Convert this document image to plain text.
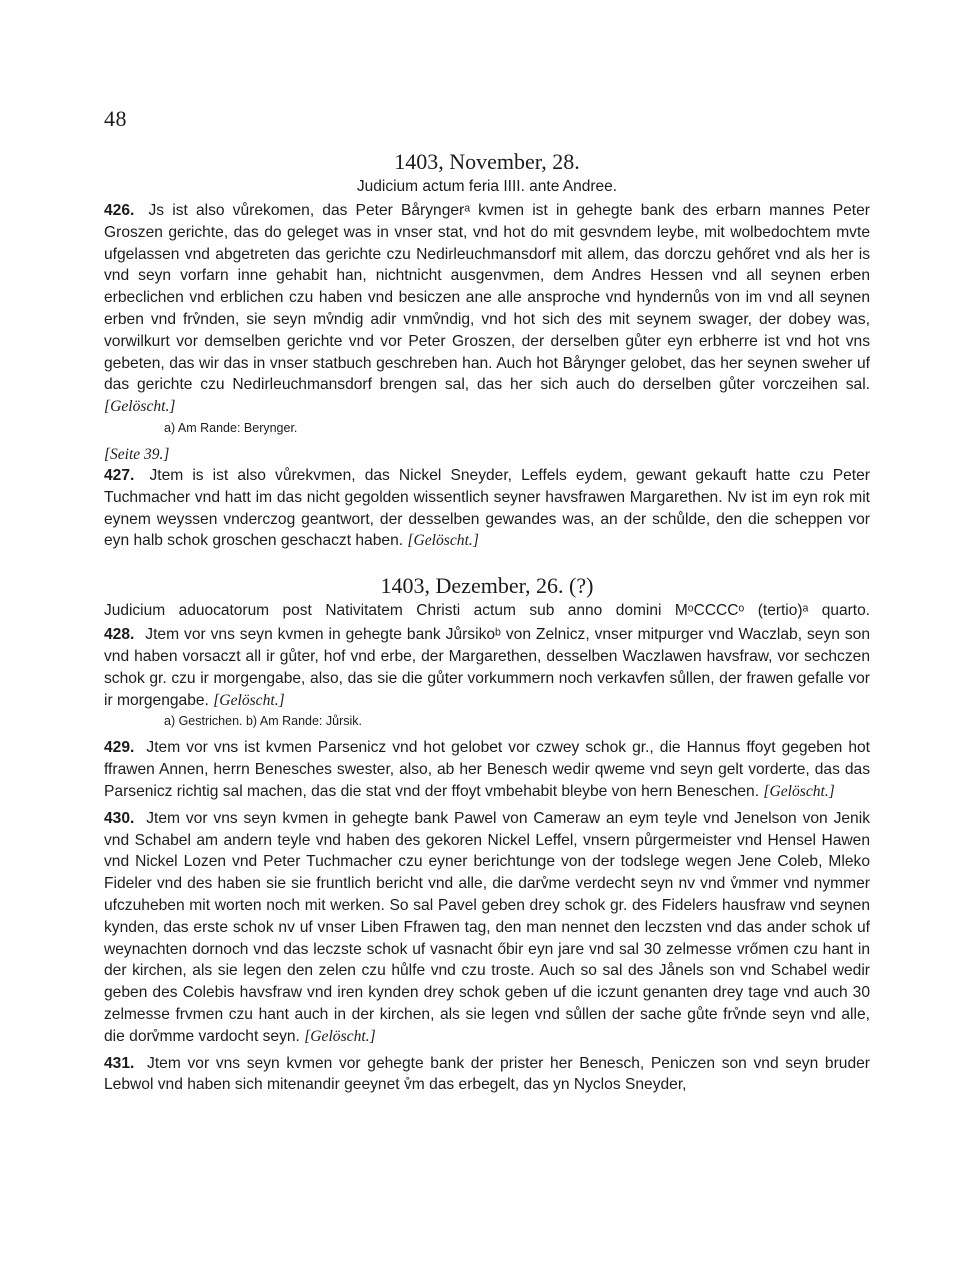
48
1403, November, 28.
Judicium actum feria IIII. ante Andree.

426. Js ist also vůrekomen, das Peter Båryngerᵃ kvmen ist in gehegte bank des erbarn mannes Peter Groszen gerichte, das do geleget was in vnser stat, vnd hot do mit gesvndem leybe, mit wolbedochtem mvte ufgelassen vnd abgetreten das gerichte czu Nedirleuchmansdorf mit allem, das dorczu gehőret vnd als her is vnd seyn vorfarn inne gehabit han, nichtnicht ausgenvmen, dem Andres Hessen vnd all seynen erben erbeclichen vnd erblichen czu haben vnd besiczen ane alle ansproche vnd hyndernůs von im vnd all seynen erben vnd frv̊nden, sie seyn mv̊ndig adir vnmv̊ndig, vnd hot sich des mit seynem swager, der dobey was, vorwilkurt vor demselben gerichte vnd vor Peter Groszen, der derselben gůter eyn erbherre ist vnd hot vns gebeten, das wir das in vnser statbuch geschreben han. Auch hot Bårynger gelobet, das her seynen sweher uf das gerichte czu Nedirleuchmansdorf brengen sal, das her sich auch do derselben gůter vorczeihen sal. [Gelöscht.]

a) Am Rande: Berynger.
[Seite 39.]

427. Jtem is ist also vůrekvmen, das Nickel Sneyder, Leffels eydem, gewant gekauft hatte czu Peter Tuchmacher vnd hatt im das nicht gegolden wissentlich seyner havsfrawen Margarethen. Nv ist im eyn rok mit eynem weyssen vnderczog geantwort, der desselben gewandes was, an der schůlde, den die scheppen vor eyn halb schok groschen geschaczt haben. [Gelöscht.]

1403, Dezember, 26. (?)
Judicium aduocatorum post Nativitatem Christi actum sub anno domini MᵒCCCCᵒ (tertio)ᵃ quarto.

428. Jtem vor vns seyn kvmen in gehegte bank Jůrsikoᵇ von Zelnicz, vnser mitpurger vnd Waczlab, seyn son vnd haben vorsaczt all ir gůter, hof vnd erbe, der Margarethen, desselben Waczlawen havsfraw, vor sechczen schok gr. czu ir morgengabe, also, das sie die gůter vorkummern noch verkavfen sůllen, der frawen gefalle vor ir morgengabe. [Gelöscht.]

a) Gestrichen. b) Am Rande: Jůrsik.

429. Jtem vor vns ist kvmen Parsenicz vnd hot gelobet vor czwey schok gr., die Hannus ffoyt gegeben hot ffrawen Annen, herrn Benesches swester, also, ab her Benesch wedir qweme vnd seyn gelt vorderte, das das Parsenicz richtig sal machen, das die stat vnd der ffoyt vmbehabit bleybe von hern Beneschen. [Gelöscht.]

430. Jtem vor vns seyn kvmen in gehegte bank Pawel von Cameraw an eym teyle vnd Jenelson von Jenik vnd Schabel am andern teyle vnd haben des gekoren Nickel Leffel, vnsern půrgermeister vnd Hensel Hawen vnd Nickel Lozen vnd Peter Tuchmacher czu eyner berichtunge von der todslege wegen Jene Coleb, Mleko Fideler vnd des haben sie sie fruntlich bericht vnd alle, die darv̊me verdecht seyn nv vnd v̊mmer vnd nymmer ufczuheben mit worten noch mit werken. So sal Pavel geben drey schok gr. des Fidelers hausfraw vnd seynen kynden, das erste schok nv uf vnser Liben Ffrawen tag, den man nennet den leczsten vnd das ander schok uf weynachten dornoch vnd das leczste schok uf vasnacht őbir eyn jare vnd sal 30 zelmesse vrőmen czu hant in der kirchen, als sie legen den zelen czu hůlfe vnd czu troste. Auch so sal des Jånels son vnd Schabel wedir geben des Colebis havsfraw vnd iren kynden drey schok geben uf die iczunt genanten drey tage vnd auch 30 zelmesse frvmen czu hant auch in der kirchen, als sie legen vnd sůllen der sache gůte frv̊nde seyn vnd alle, die dorv̊mme vardocht seyn. [Gelöscht.]

431. Jtem vor vns seyn kvmen vor gehegte bank der prister her Benesch, Peniczen son vnd seyn bruder Lebwol vnd haben sich mitenandir geeynet v̊m das erbegelt, das yn Nyclos Sneyder,
